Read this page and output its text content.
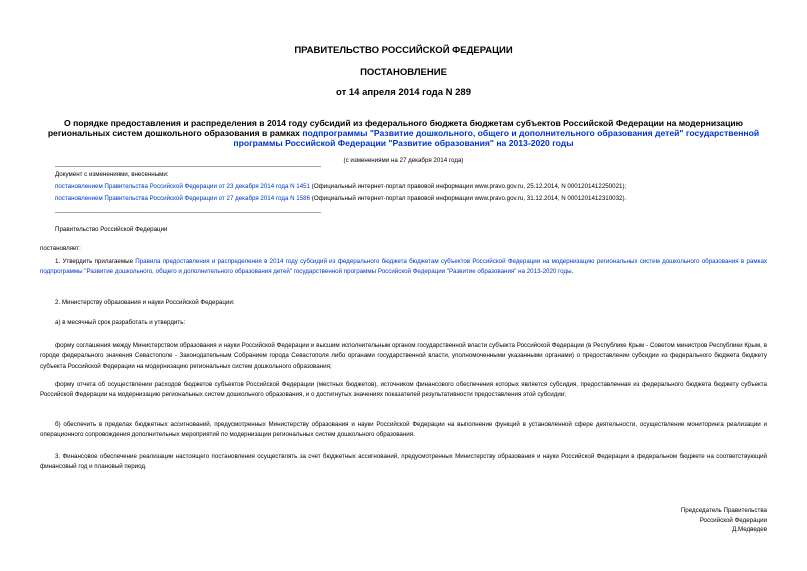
ПРАВИТЕЛЬСТВО РОССИЙСКОЙ ФЕДЕРАЦИИ
ПОСТАНОВЛЕНИЕ
от 14 апреля 2014 года N 289
О порядке предоставления и распределения в 2014 году субсидий из федерального бюджета бюджетам субъектов Российской Федерации на модернизацию региональных систем дошкольного образования в рамках подпрограммы "Развитие дошкольного, общего и дополнительного образования детей" государственной программы Российской Федерации "Развитие образования" на 2013-2020 годы
(с изменениями на 27 декабря 2014 года)
Документ с изменениями, внесенными:
постановлением Правительства Российской Федерации от 23 декабря 2014 года N 1451 (Официальный интернет-портал правовой информации www.pravo.gov.ru, 25.12.2014, N 0001201412250021);
постановлением Правительства Российской Федерации от 27 декабря 2014 года N 1586 (Официальный интернет-портал правовой информации www.pravo.gov.ru, 31.12.2014, N 0001201412310032).
Правительство Российской Федерации
постановляет:
1. Утвердить прилагаемые Правила предоставления и распределения в 2014 году субсидий из федерального бюджета бюджетам субъектов Российской Федерации на модернизацию региональных систем дошкольного образования в рамках подпрограммы "Развитие дошкольного, общего и дополнительного образования детей" государственной программы Российской Федерации "Развитие образования" на 2013-2020 годы.
2. Министерству образования и науки Российской Федерации:
а) в месячный срок разработать и утвердить:
форму соглашения между Министерством образования и науки Российской Федерации и высшим исполнительным органом государственной власти субъекта Российской Федерации (в Республике Крым - Советом министров Республики Крым, в городе федерального значения Севастополе - Законодательным Собранием города Севастополя либо органами государственной власти, уполномоченными указанными органами) о предоставлении субсидии из федерального бюджета бюджету субъекта Российской Федерации на модернизацию региональных систем дошкольного образования;
форму отчета об осуществлении расходов бюджетов субъектов Российской Федерации (местных бюджетов), источником финансового обеспечения которых является субсидия, предоставленная из федерального бюджета бюджету субъекта Российской Федерации на модернизацию региональных систем дошкольного образования, и о достигнутых значениях показателей результативности предоставления этой субсидии;
б) обеспечить в пределах бюджетных ассигнований, предусмотренных Министерству образования и науки Российской Федерации на выполнение функций в установленной сфере деятельности, осуществление мониторинга реализации и операционного сопровождения дополнительных мероприятий по модернизации региональных систем дошкольного образования.
3. Финансовое обеспечение реализации настоящего постановления осуществлять за счет бюджетных ассигнований, предусмотренных Министерству образования и науки Российской Федерации в федеральном бюджете на соответствующий финансовый год и плановый период.
Председатель Правительства
Российской Федерации
Д.Медведев
